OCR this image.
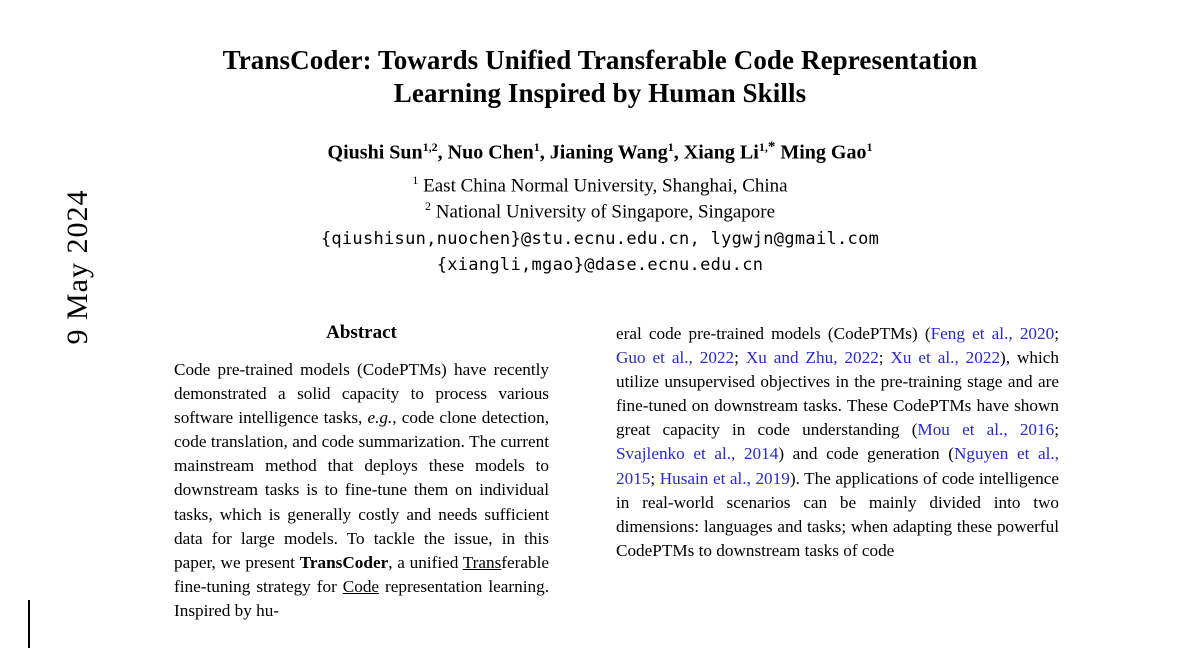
9 May 2024
TransCoder: Towards Unified Transferable Code Representation Learning Inspired by Human Skills
Qiushi Sun$^{1,2}$, Nuo Chen$^1$, Jianing Wang$^1$, Xiang $Li^{1,*}$ Ming Gao$^1$
$^1$ East China Normal University, Shanghai, China
$^2$ National University of Singapore, Singapore
{qiushisun,nuochen}@stu.ecnu.edu.cn, lygwjn@gmail.com
{xiangli,mgao}@dase.ecnu.edu.cn
Abstract

Code pre-trained models (CodePTMs) have recently demonstrated a solid capacity to process various software intelligence tasks, e.g., code clone detection, code translation, and code summarization. The current mainstream method that deploys these models to downstream tasks is to fine-tune them on individual tasks, which is generally costly and needs sufficient data for large models. To tackle the issue, in this paper, we present TransCoder, a unified Transferable fine-tuning strategy for Code representation learning. Inspired by hu-

eral code pre-trained models (CodePTMs) (Feng et al., 2020; Guo et al., 2022; Xu and Zhu, 2022; Xu et al., 2022), which utilize unsupervised objectives in the pre-training stage and are fine-tuned on downstream tasks. These CodePTMs have shown great capacity in code understanding (Mou et al., 2016; Svajlenko et al., 2014) and code generation (Nguyen et al., 2015; Husain et al., 2019). The applications of code intelligence in real-world scenarios can be mainly divided into two dimensions: languages and tasks; when adapting these powerful CodePTMs to downstream tasks of code
